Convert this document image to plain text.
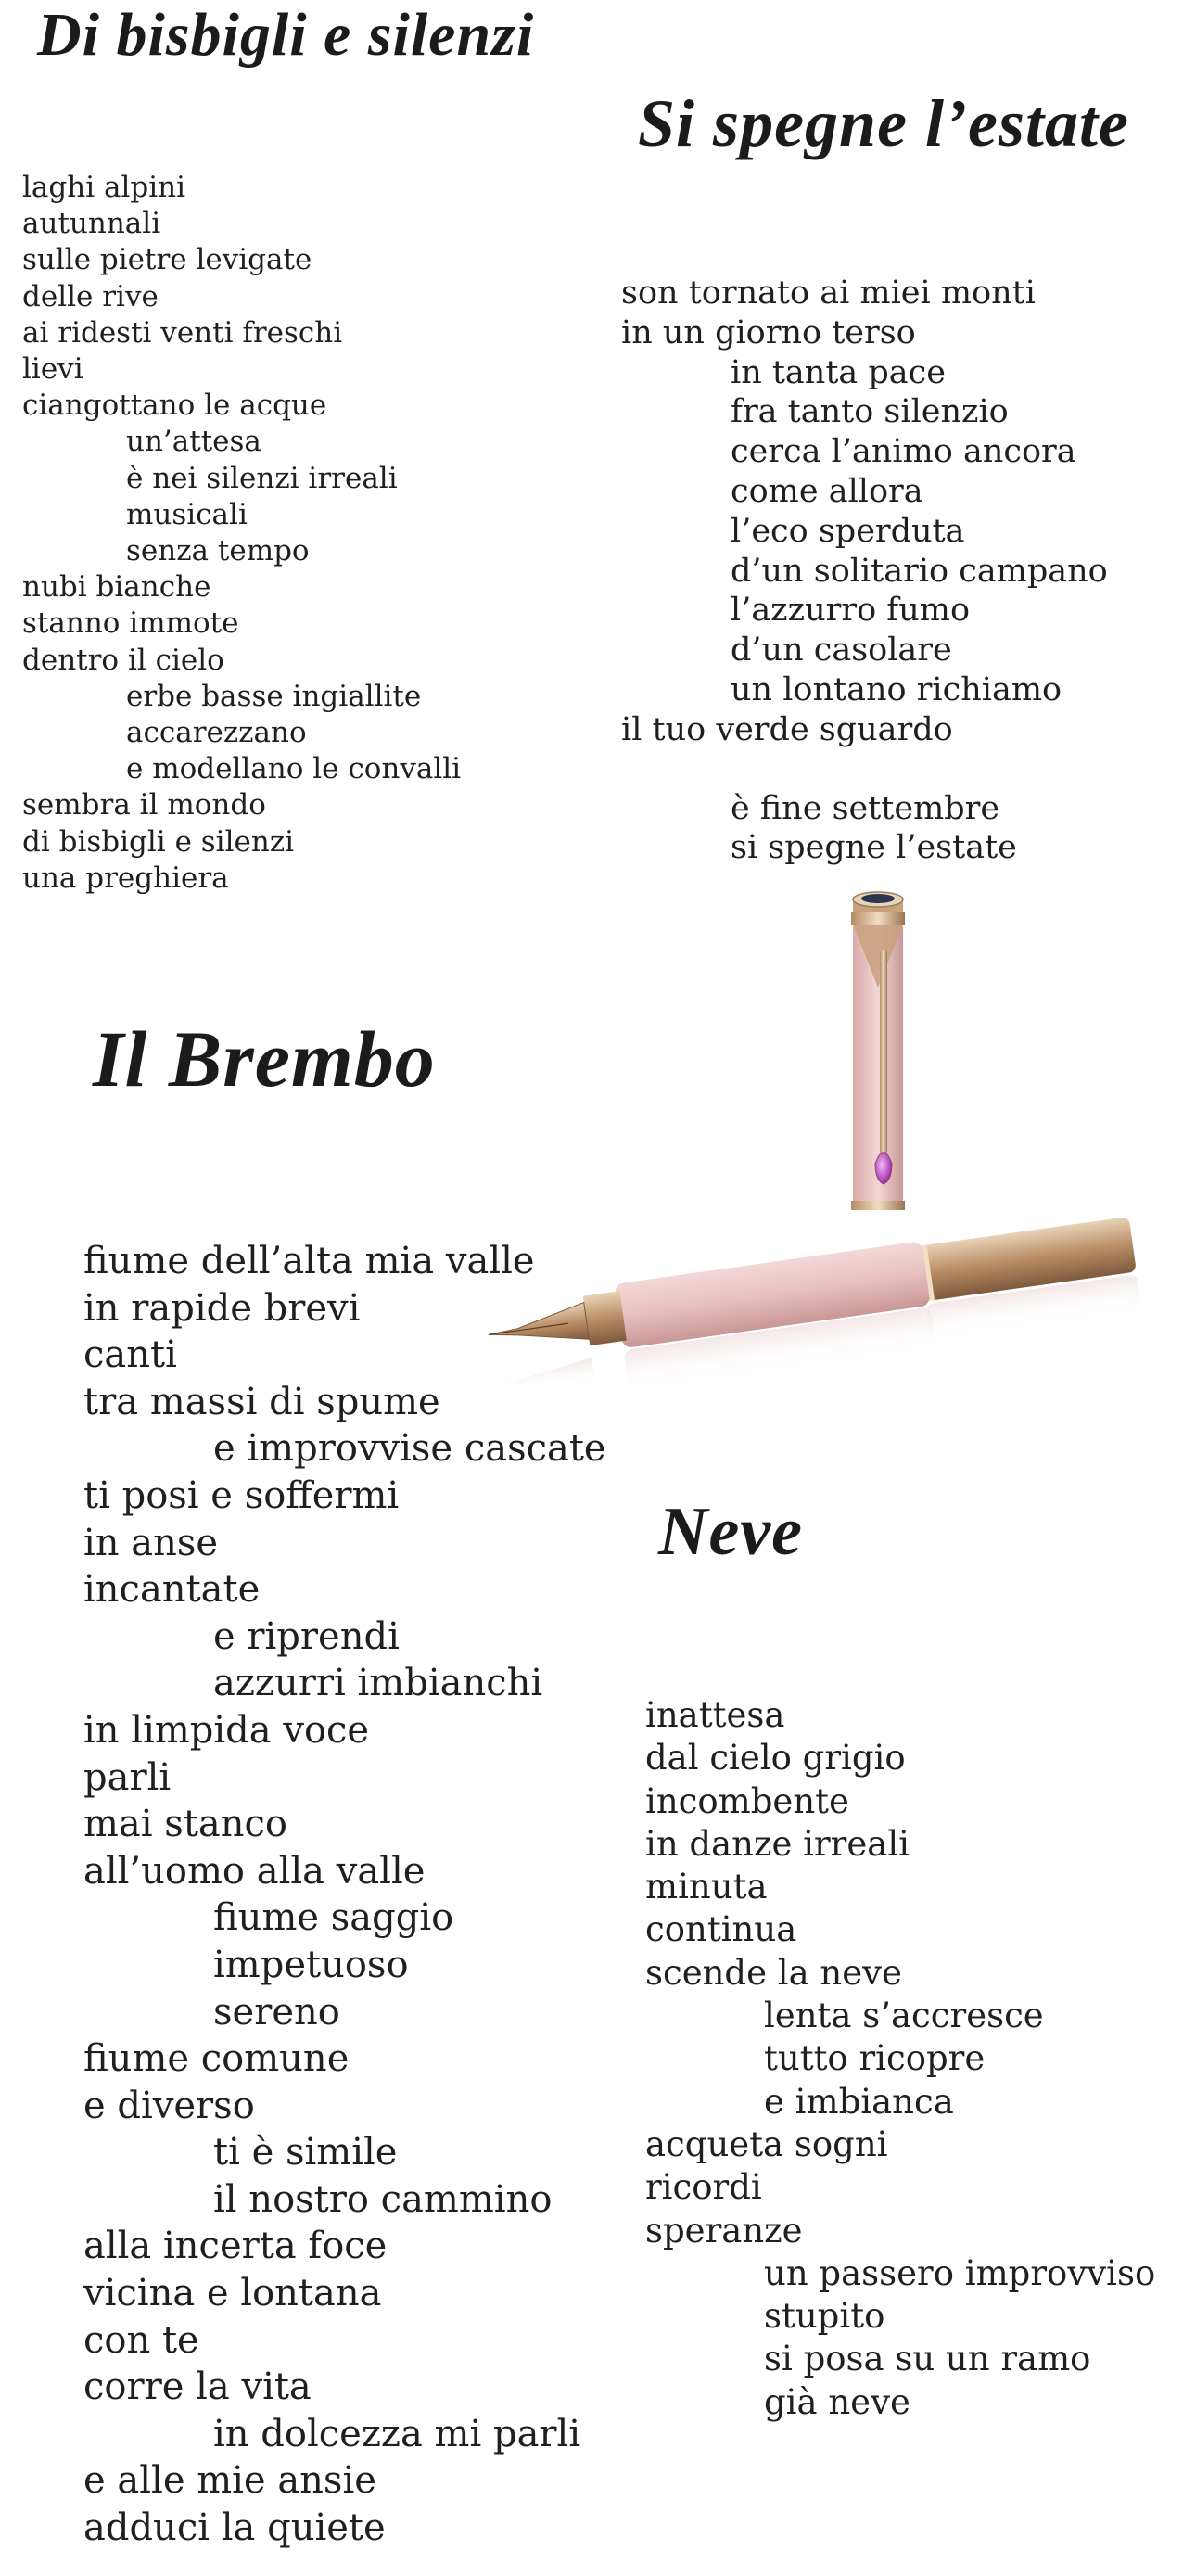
Di bisbigli e silenzi
Si spegne l’estate
Il Brembo
Neve
laghi alpini
autunnali
sulle pietre levigate
delle rive
ai ridesti venti freschi
lievi
ciangottano le acque
un’attesa
è nei silenzi irreali
musicali
senza tempo
nubi bianche
stanno immote
dentro il cielo
erbe basse ingiallite
accarezzano
e modellano le convalli
sembra il mondo
di bisbigli e silenzi
una preghiera
son tornato ai miei monti
in un giorno terso
in tanta pace
fra tanto silenzio
cerca l’animo ancora
come allora
l’eco sperduta
d’un solitario campano
l’azzurro fumo
d’un casolare
un lontano richiamo
il tuo verde sguardo
è fine settembre
si spegne l’estate
fiume dell’alta mia valle
in rapide brevi
canti
tra massi di spume
e improvvise cascate
ti posi e soffermi
in anse
incantate
e riprendi
azzurri imbianchi
in limpida voce
parli
mai stanco
all’uomo alla valle
fiume saggio
impetuoso
sereno
fiume comune
e diverso
ti è simile
il nostro cammino
alla incerta foce
vicina e lontana
con te
corre la vita
in dolcezza mi parli
e alle mie ansie
adduci la quiete
inattesa
dal cielo grigio
incombente
in danze irreali
minuta
continua
scende la neve
lenta s’accresce
tutto ricopre
e imbianca
acqueta sogni
ricordi
speranze
un passero improvviso
stupito
si posa su un ramo
già neve
